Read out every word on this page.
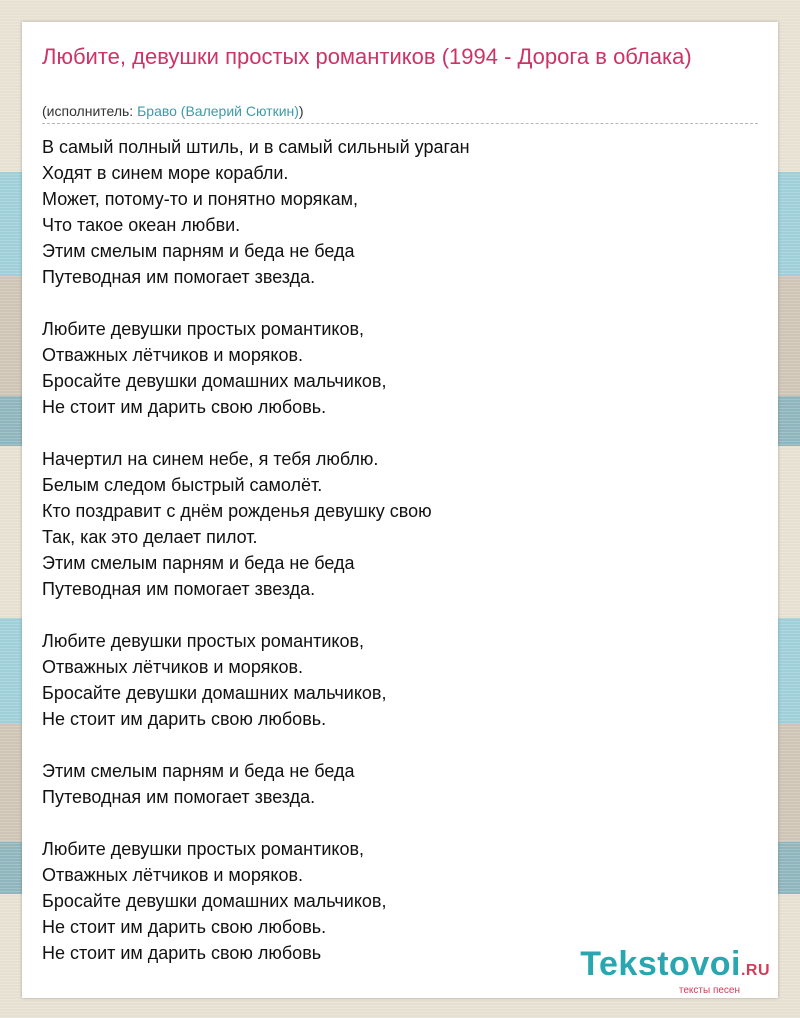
Любите, девушки простых романтиков (1994 - Дорога в облака)
(исполнитель: Браво (Валерий Сюткин))
В самый полный штиль, и в самый сильный ураган
Ходят в синем море корабли.
Может, потому-то и понятно морякам,
Что такое океан любви.
Этим смелым парням и беда не беда
Путеводная им помогает звезда.
Любите девушки простых романтиков,
Отважных лётчиков и моряков.
Бросайте девушки домашних мальчиков,
Не стоит им дарить свою любовь.
Начертил на синем небе, я тебя люблю.
Белым следом быстрый самолёт.
Кто поздравит с днём рожденья девушку свою
Так, как это делает пилот.
Этим смелым парням и беда не беда
Путеводная им помогает звезда.
Любите девушки простых романтиков,
Отважных лётчиков и моряков.
Бросайте девушки домашних мальчиков,
Не стоит им дарить свою любовь.
Этим смелым парням и беда не беда
Путеводная им помогает звезда.
Любите девушки простых романтиков,
Отважных лётчиков и моряков.
Бросайте девушки домашних мальчиков,
Не стоит им дарить свою любовь.
Не стоит им дарить свою любовь	Tekstovoi.RU
тексты песен
